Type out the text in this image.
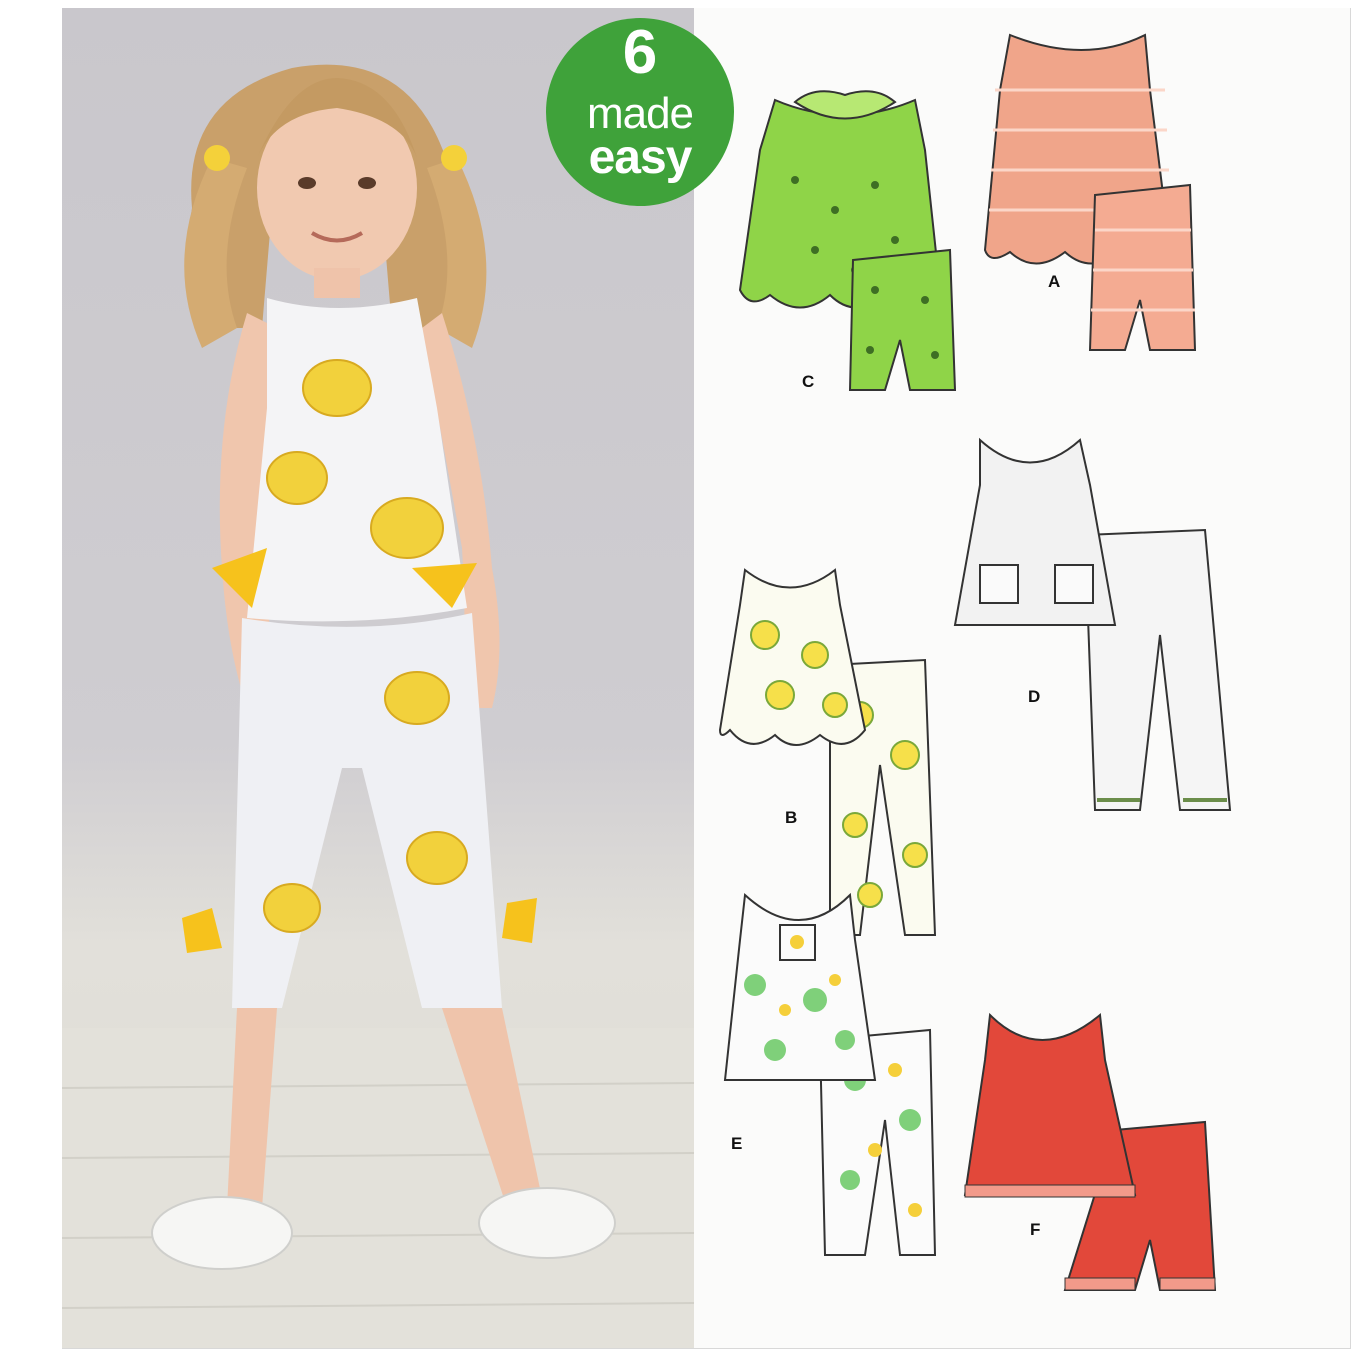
6
made
easy
C
A
D
B
E
F
